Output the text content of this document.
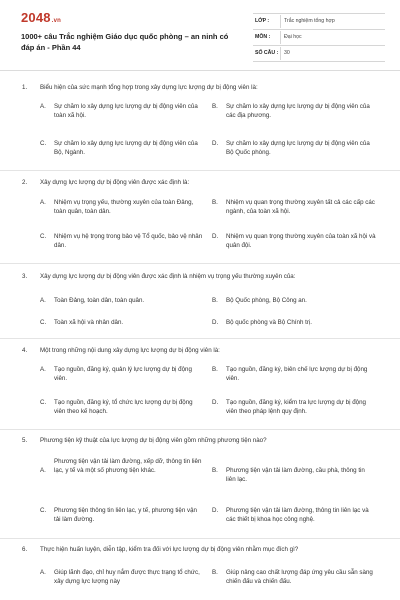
2048.vn
1000+ câu Trắc nghiệm Giáo dục quốc phòng – an ninh có đáp án - Phần 44
LỚP :	Trắc nghiệm tổng hợp
MÔN :	Đại học
SỐ CÂU : 30
1. Biểu hiện của sức mạnh tổng hợp trong xây dựng lực lượng dự bị động viên là:
A. Sự chăm lo xây dựng lực lượng dự bị động viên của toàn xã hội.
B. Sự chăm lo xây dựng lực lượng dự bị động viên của các địa phương.
C. Sự chăm lo xây dựng lực lượng dự bị động viên của Bộ, Ngành.
D. Sự chăm lo xây dựng lực lượng dự bị động viên của Bộ Quốc phòng.
2. Xây dựng lực lượng dự bị động viên được xác định là:
A. Nhiệm vụ trọng yếu, thường xuyên của toàn Đảng, toàn quân, toàn dân.
B. Nhiệm vụ quan trọng thường xuyên tất cả các cấp các ngành, của toàn xã hội.
C. Nhiệm vụ hệ trọng trong bảo vệ Tổ quốc, bảo vệ nhân dân.
D. Nhiệm vụ quan trọng thường xuyên của toàn xã hội và quân đội.
3. Xây dựng lực lượng dự bị động viên được xác định là nhiệm vụ trọng yếu thường xuyên của:
A. Toàn Đảng, toàn dân, toàn quân.	B. Bộ Quốc phòng, Bộ Công an.
C. Toàn xã hội và nhân dân.	D. Bộ quốc phòng và Bộ Chính trị.
4. Một trong những nội dung xây dựng lực lượng dự bị động viên là:
A. Tạo nguồn, đăng ký, quản lý lực lượng dự bị động viên.
B. Tạo nguồn, đăng ký, biên chế lực lượng dự bị động viên.
C. Tạo nguồn, đăng ký, tổ chức lực lượng dự bị động viên theo kế hoạch.
D. Tạo nguồn, đăng ký, kiểm tra lực lượng dự bị động viên theo pháp lệnh quy định.
5. Phương tiện kỹ thuật của lực lượng dự bị động viên gồm những phương tiện nào?
A.
Phương tiện vận tải làm đường, xếp dỡ, thông tin liên lạc, y tế và một số phương tiện khác.	B. Phương tiện vận tải làm đường, cầu phà, thông tin liên lạc.
C. Phương tiện thông tin liên lạc, y tế, phương tiện vận tải làm đường.
D. Phương tiện vận tải làm đường, thông tin liên lạc và các thiết bị khoa học công nghệ.
6. Thực hiện huấn luyện, diễn tập, kiểm tra đối với lực lượng dự bị động viên nhằm mục đích gì?
A. Giúp lãnh đạo, chỉ huy nắm được thực trạng tổ chức, xây dựng lực lượng này
B. Giúp nâng cao chất lượng đáp ứng yêu cầu sẵn sàng chiến đấu và chiến đấu.
